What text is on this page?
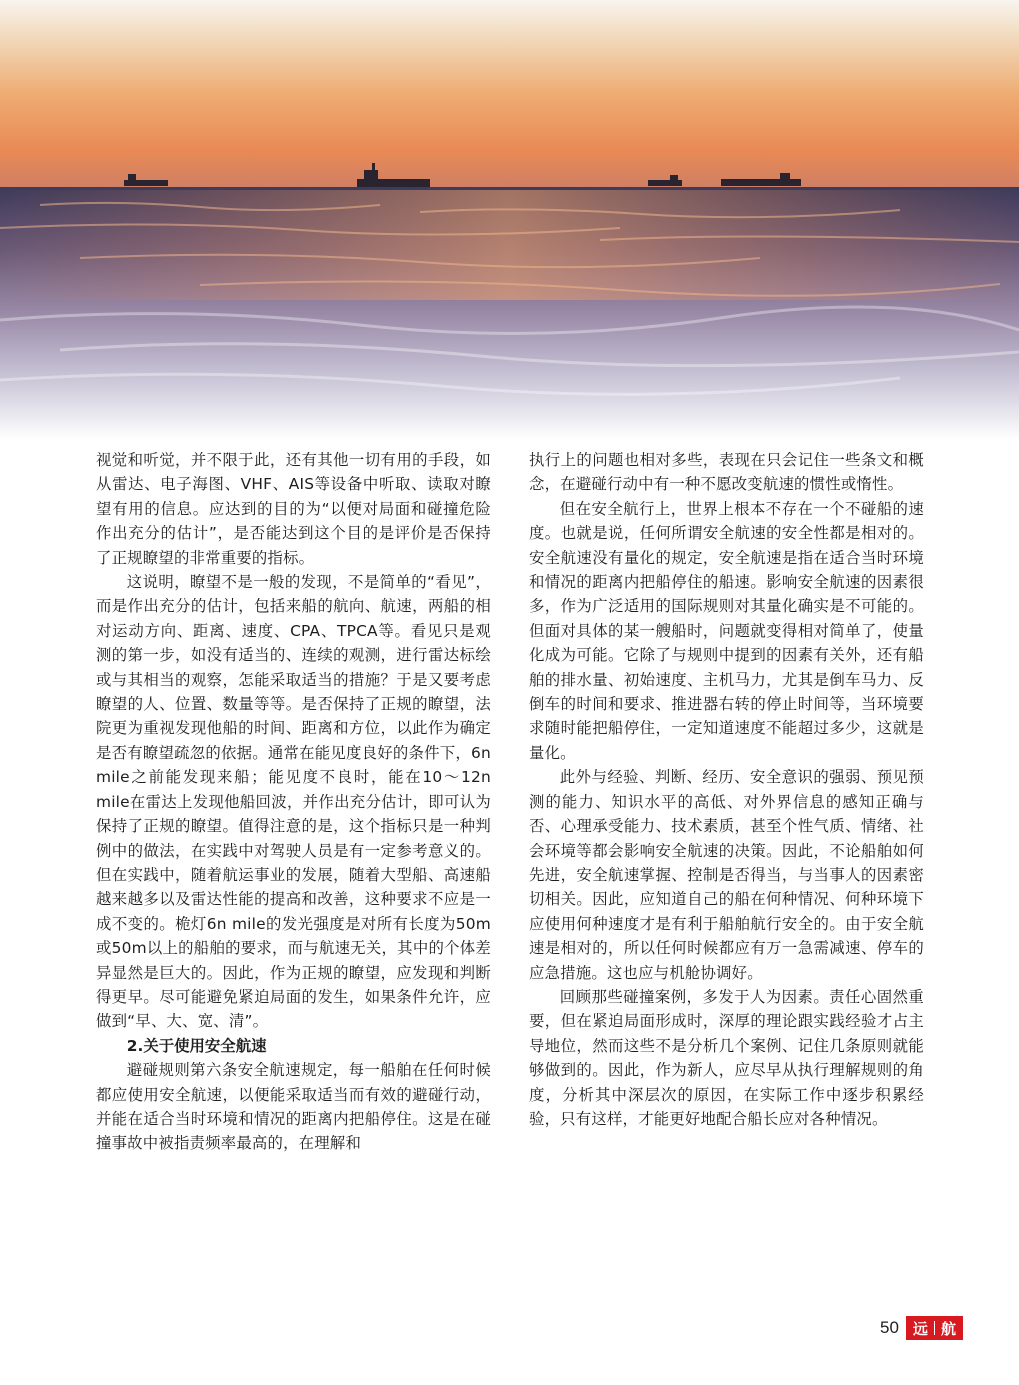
视觉和听觉，并不限于此，还有其他一切有用的手段，如从雷达、电子海图、VHF、AIS等设备中听取、读取对瞭望有用的信息。应达到的目的为“以便对局面和碰撞危险作出充分的估计”，是否能达到这个目的是评价是否保持了正规瞭望的非常重要的指标。

这说明，瞭望不是一般的发现，不是简单的“看见”，而是作出充分的估计，包括来船的航向、航速，两船的相对运动方向、距离、速度、CPA、TPCA等。看见只是观测的第一步，如没有适当的、连续的观测，进行雷达标绘或与其相当的观察，怎能采取适当的措施？于是又要考虑瞭望的人、位置、数量等等。是否保持了正规的瞭望，法院更为重视发现他船的时间、距离和方位，以此作为确定是否有瞭望疏忽的依据。通常在能见度良好的条件下，6n mile之前能发现来船；能见度不良时，能在10～12n mile在雷达上发现他船回波，并作出充分估计，即可认为保持了正规的瞭望。值得注意的是，这个指标只是一种判例中的做法，在实践中对驾驶人员是有一定参考意义的。但在实践中，随着航运事业的发展，随着大型船、高速船越来越多以及雷达性能的提高和改善，这种要求不应是一成不变的。桅灯6n mile的发光强度是对所有长度为50m或50m以上的船舶的要求，而与航速无关，其中的个体差异显然是巨大的。因此，作为正规的瞭望，应发现和判断得更早。尽可能避免紧迫局面的发生，如果条件允许，应做到“早、大、宽、清”。

2.关于使用安全航速

避碰规则第六条安全航速规定，每一船舶在任何时候都应使用安全航速，以便能采取适当而有效的避碰行动，并能在适合当时环境和情况的距离内把船停住。这是在碰撞事故中被指责频率最高的，在理解和

执行上的问题也相对多些，表现在只会记住一些条文和概念，在避碰行动中有一种不愿改变航速的惯性或惰性。

但在安全航行上，世界上根本不存在一个不碰船的速度。也就是说，任何所谓安全航速的安全性都是相对的。安全航速没有量化的规定，安全航速是指在适合当时环境和情况的距离内把船停住的船速。影响安全航速的因素很多，作为广泛适用的国际规则对其量化确实是不可能的。但面对具体的某一艘船时，问题就变得相对简单了，使量化成为可能。它除了与规则中提到的因素有关外，还有船舶的排水量、初始速度、主机马力，尤其是倒车马力、反倒车的时间和要求、推进器右转的停止时间等，当环境要求随时能把船停住，一定知道速度不能超过多少，这就是量化。

此外与经验、判断、经历、安全意识的强弱、预见预测的能力、知识水平的高低、对外界信息的感知正确与否、心理承受能力、技术素质，甚至个性气质、情绪、社会环境等都会影响安全航速的决策。因此，不论船舶如何先进，安全航速掌握、控制是否得当，与当事人的因素密切相关。因此，应知道自己的船在何种情况、何种环境下应使用何种速度才是有利于船舶航行安全的。由于安全航速是相对的，所以任何时候都应有万一急需减速、停车的应急措施。这也应与机舱协调好。

回顾那些碰撞案例，多发于人为因素。责任心固然重要，但在紧迫局面形成时，深厚的理论跟实践经验才占主导地位，然而这些不是分析几个案例、记住几条原则就能够做到的。因此，作为新人，应尽早从执行理解规则的角度，分析其中深层次的原因，在实际工作中逐步积累经验，只有这样，才能更好地配合船长应对各种情况。

50 远 航
